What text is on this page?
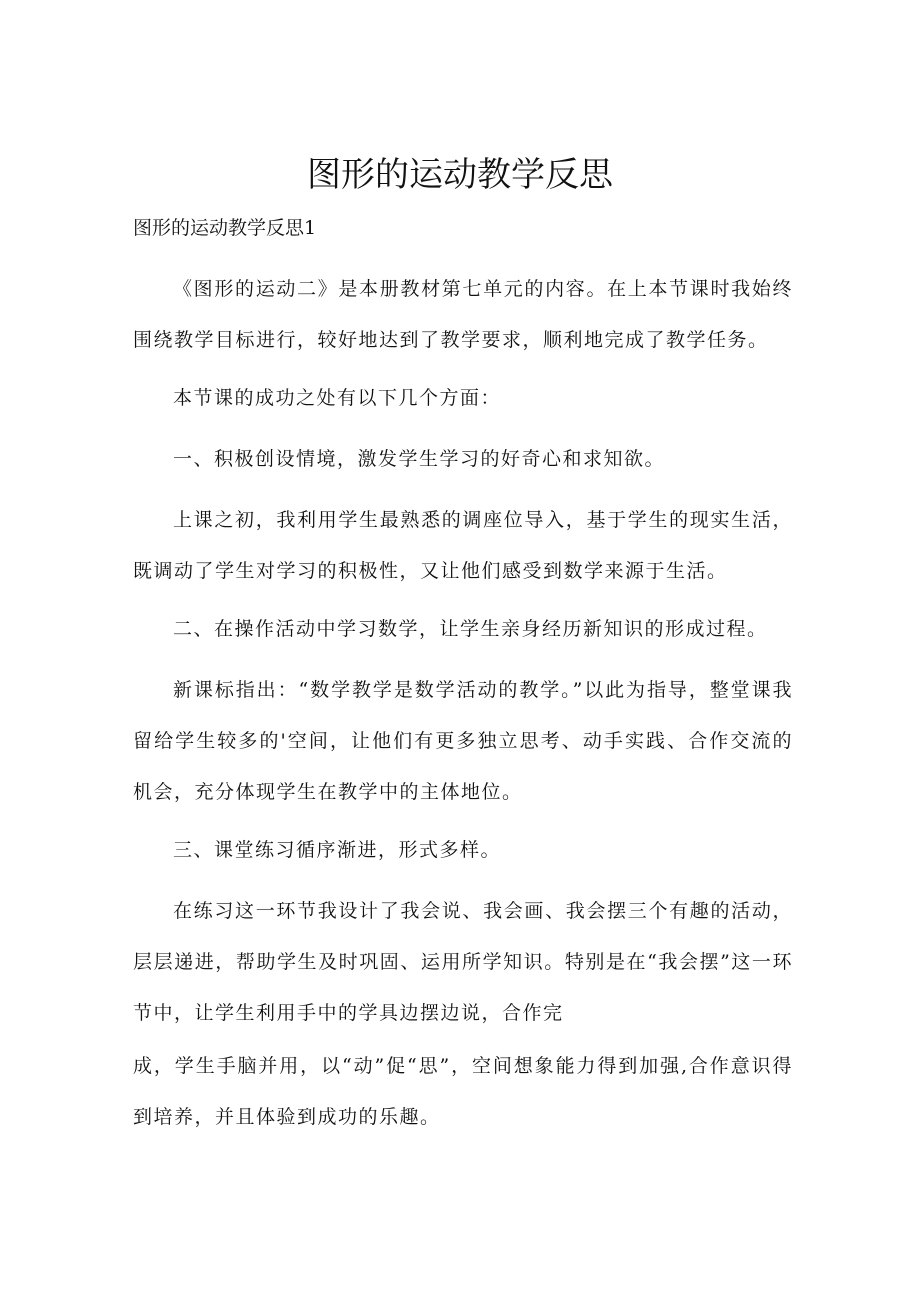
图形的运动教学反思

图形的运动教学反思1

《图形的运动二》是本册教材第七单元的内容。在上本节课时我始终围绕教学目标进行，较好地达到了教学要求，顺利地完成了教学任务。

本节课的成功之处有以下几个方面：

一、积极创设情境，激发学生学习的好奇心和求知欲。

上课之初，我利用学生最熟悉的调座位导入，基于学生的现实生活，既调动了学生对学习的积极性，又让他们感受到数学来源于生活。

二、在操作活动中学习数学，让学生亲身经历新知识的形成过程。

新课标指出：“数学教学是数学活动的教学。”以此为指导，整堂课我留给学生较多的'空间，让他们有更多独立思考、动手实践、合作交流的机会，充分体现学生在教学中的主体地位。

三、课堂练习循序渐进，形式多样。

在练习这一环节我设计了我会说、我会画、我会摆三个有趣的活动，层层递进，帮助学生及时巩固、运用所学知识。特别是在“我会摆”这一环节中，让学生利用手中的学具边摆边说，合作完

成，学生手脑并用，以“动”促“思”，空间想象能力得到加强,合作意识得到培养，并且体验到成功的乐趣。
